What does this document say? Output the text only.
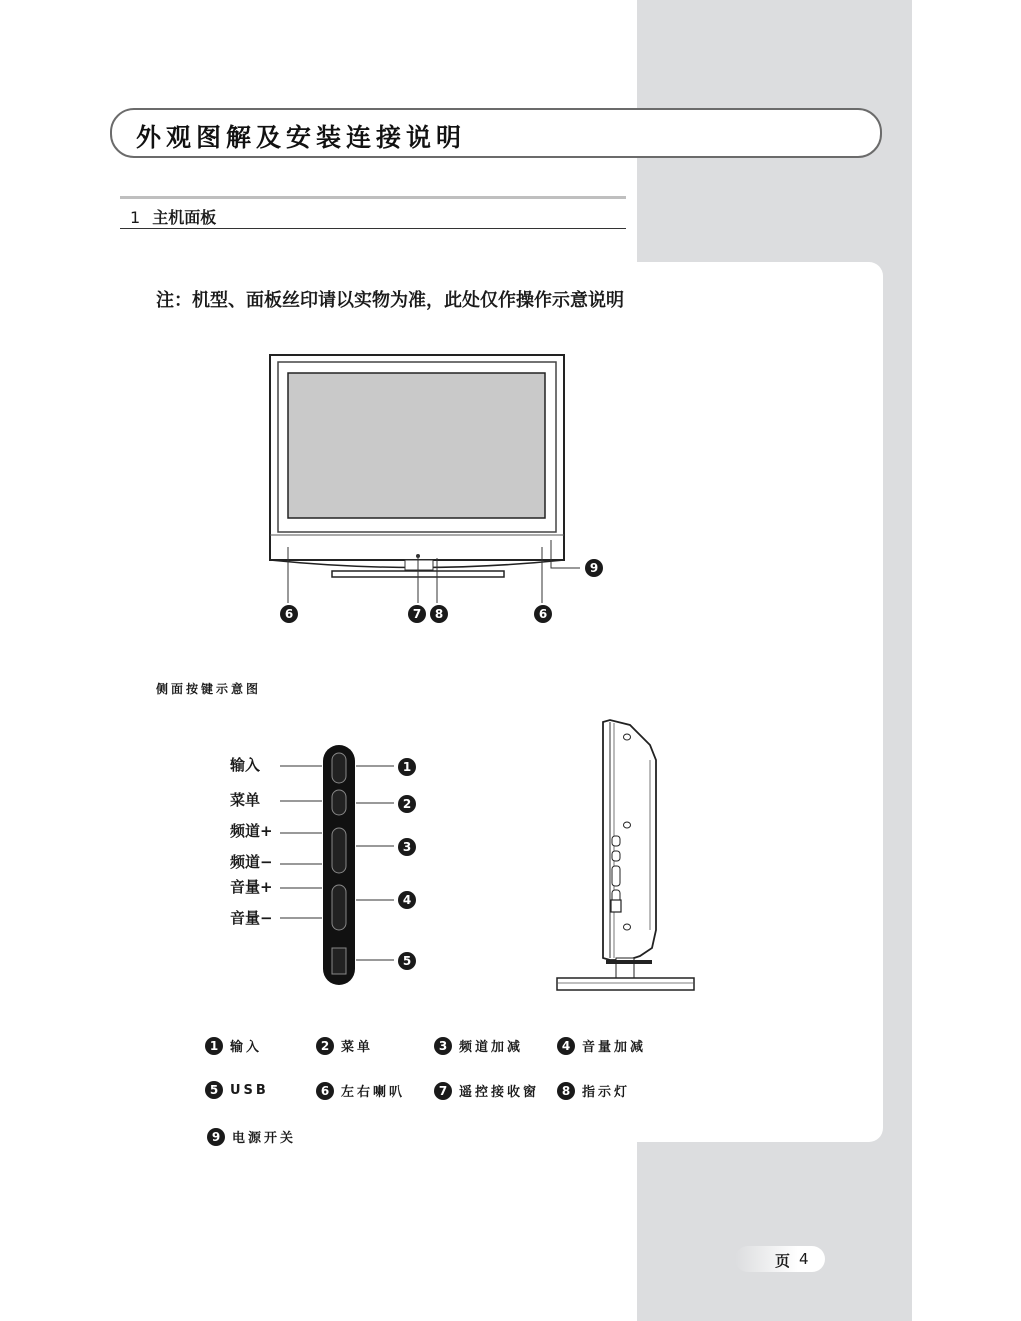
外观图解及安装连接说明
1 主机面板
注：机型、面板丝印请以实物为准，此处仅作操作示意说明
6	7	8	6
9
侧面按键示意图
输入
菜单
频道+
频道−
音量+
音量−
1
2
3
4
5
1 输入	2 菜单	3 频道加减	4 音量加减
5 USB	6 左右喇叭	7 遥控接收窗	8 指示灯
9 电源开关
页 4
